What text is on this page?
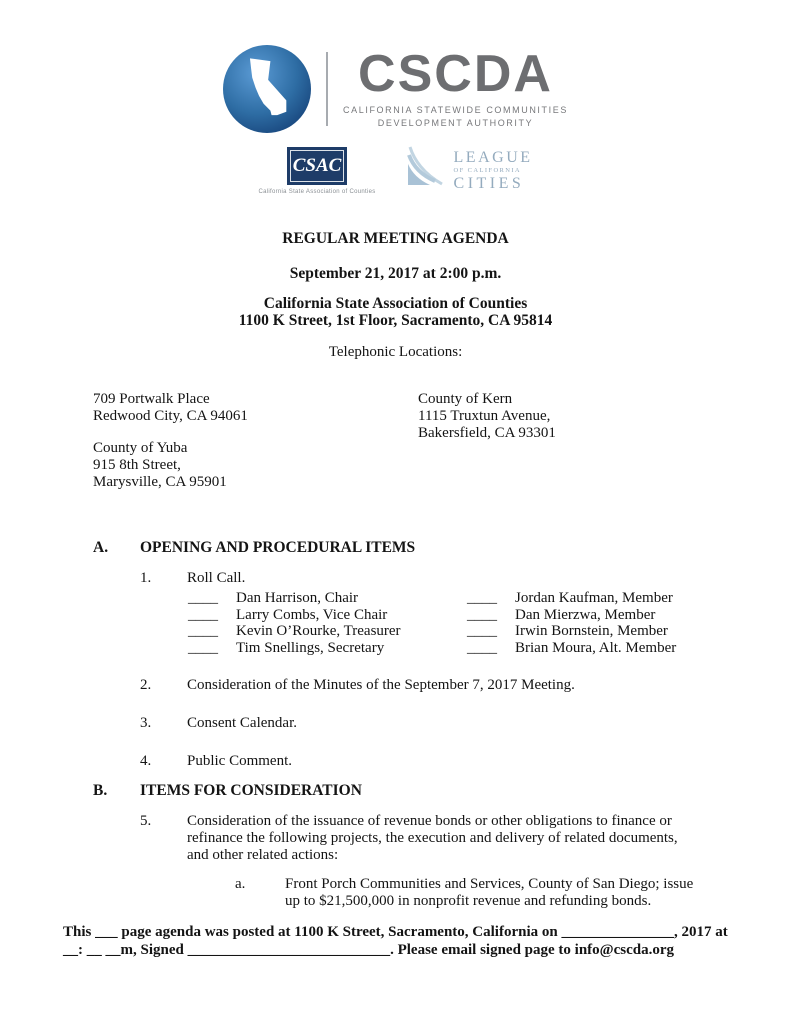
CSCDA
CALIFORNIA STATEWIDE COMMUNITIES
DEVELOPMENT AUTHORITY
CSAC
California State Association of Counties
LEAGUE
OF CALIFORNIA
CITIES

REGULAR MEETING AGENDA

September 21, 2017 at 2:00 p.m.

California State Association of Counties
1100 K Street, 1st Floor, Sacramento, CA 95814

Telephonic Locations:

709 Portwalk Place
Redwood City, CA 94061
County of Yuba
915 8th Street,
Marysville, CA 95901
County of Kern
1115 Truxtun Avenue,
Bakersfield, CA 93301
A.	OPENING AND PROCEDURAL ITEMS
1.	Roll Call.
____	Dan Harrison, Chair	____	Jordan Kaufman, Member
____	Larry Combs, Vice Chair	____	Dan Mierzwa, Member
____	Kevin O’Rourke, Treasurer	____	Irwin Bornstein, Member
____	Tim Snellings, Secretary	____	Brian Moura, Alt. Member
2.	Consideration of the Minutes of the September 7, 2017 Meeting.
3.	Consent Calendar.
4.	Public Comment.
B.	ITEMS FOR CONSIDERATION
5.	Consideration of the issuance of revenue bonds or other obligations to finance or refinance the following projects, the execution and delivery of related documents, and other related actions:
a.	Front Porch Communities and Services, County of San Diego; issue up to $21,500,000 in nonprofit revenue and refunding bonds.
This ___ page agenda was posted at 1100 K Street, Sacramento, California on _______________, 2017 at __: __ __m, Signed ___________________________. Please email signed page to info@cscda.org
